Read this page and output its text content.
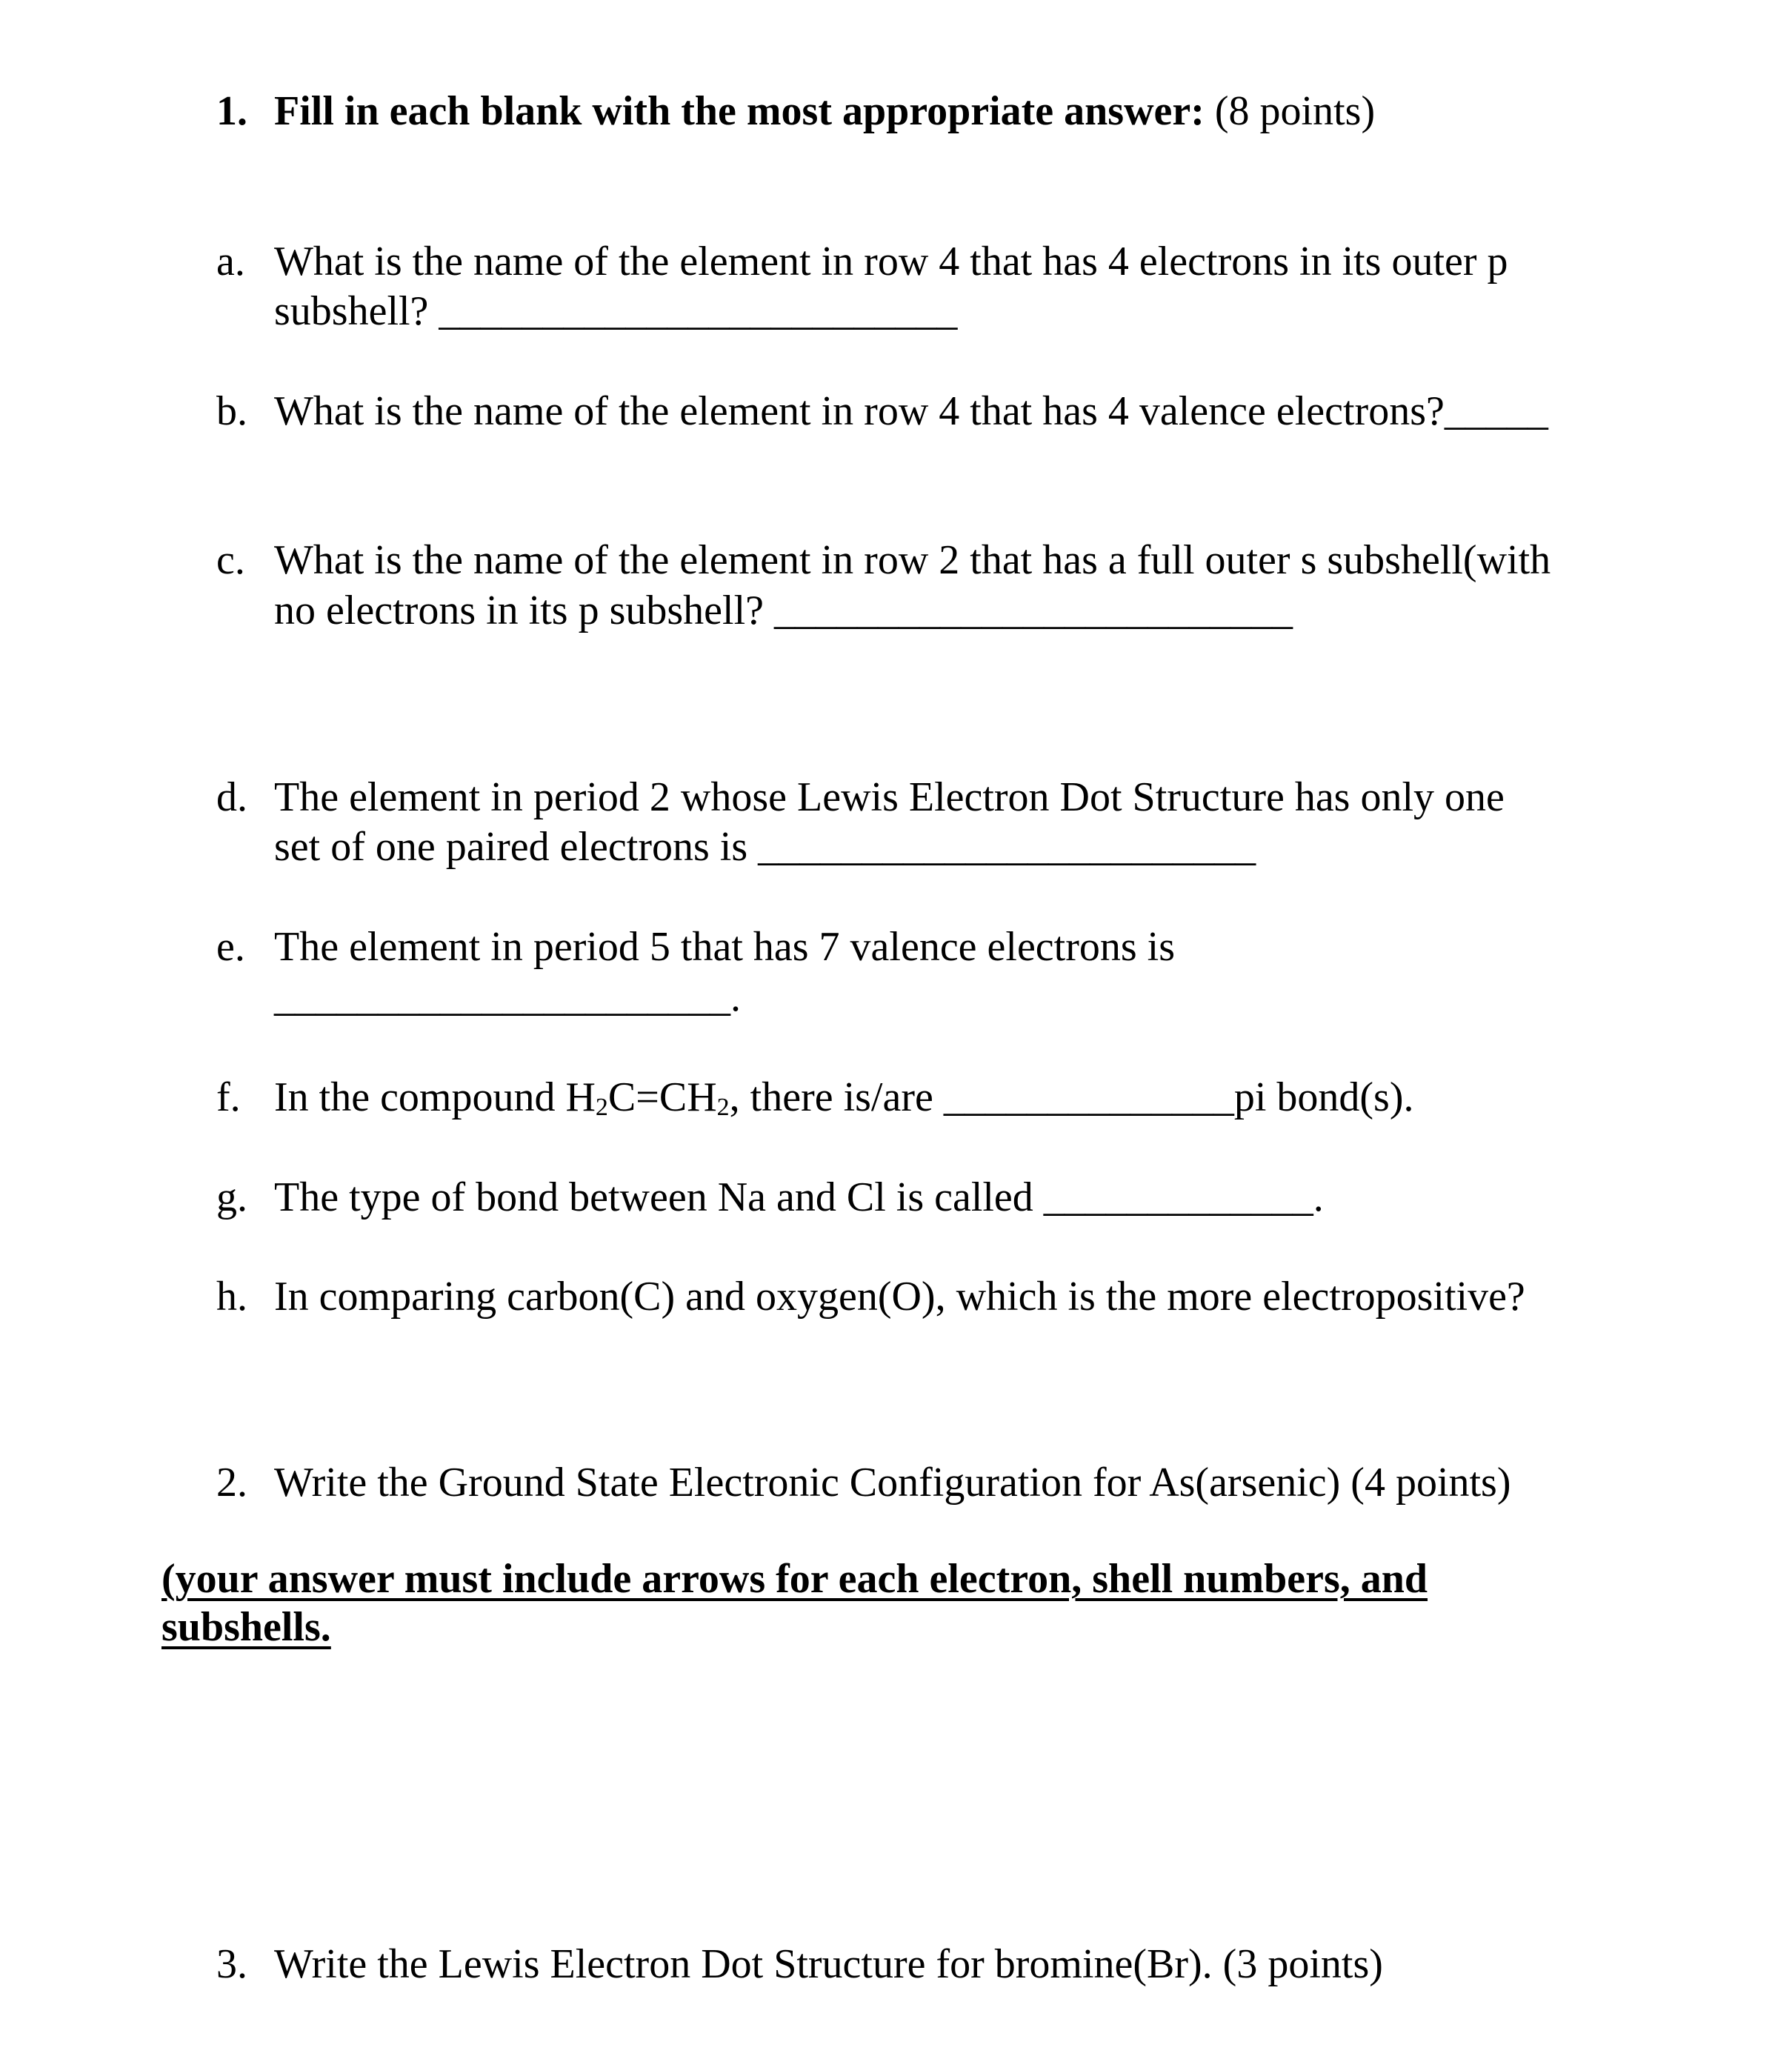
1. Fill in each blank with the most appropriate answer: (8 points)
a. What is the name of the element in row 4 that has 4 electrons in its outer p
subshell? _________________________
b. What is the name of the element in row 4 that has 4 valence electrons?_____
c. What is the name of the element in row 2 that has a full outer s subshell(with
no electrons in its p subshell? _________________________
d. The element in period 2 whose Lewis Electron Dot Structure has only one
set of one paired electrons is ________________________
e. The element in period 5 that has 7 valence electrons is
______________________.
f. In the compound $H_2C=CH_2$, there is/are ______________pi bond(s).
g. The type of bond between Na and Cl is called _____________.
h. In comparing carbon(C) and oxygen(O), which is the more electropositive?
2. Write the Ground State Electronic Configuration for As(arsenic) (4 points)
(your answer must include arrows for each electron, shell numbers, and
subshells.
3. Write the Lewis Electron Dot Structure for bromine(Br). (3 points)
